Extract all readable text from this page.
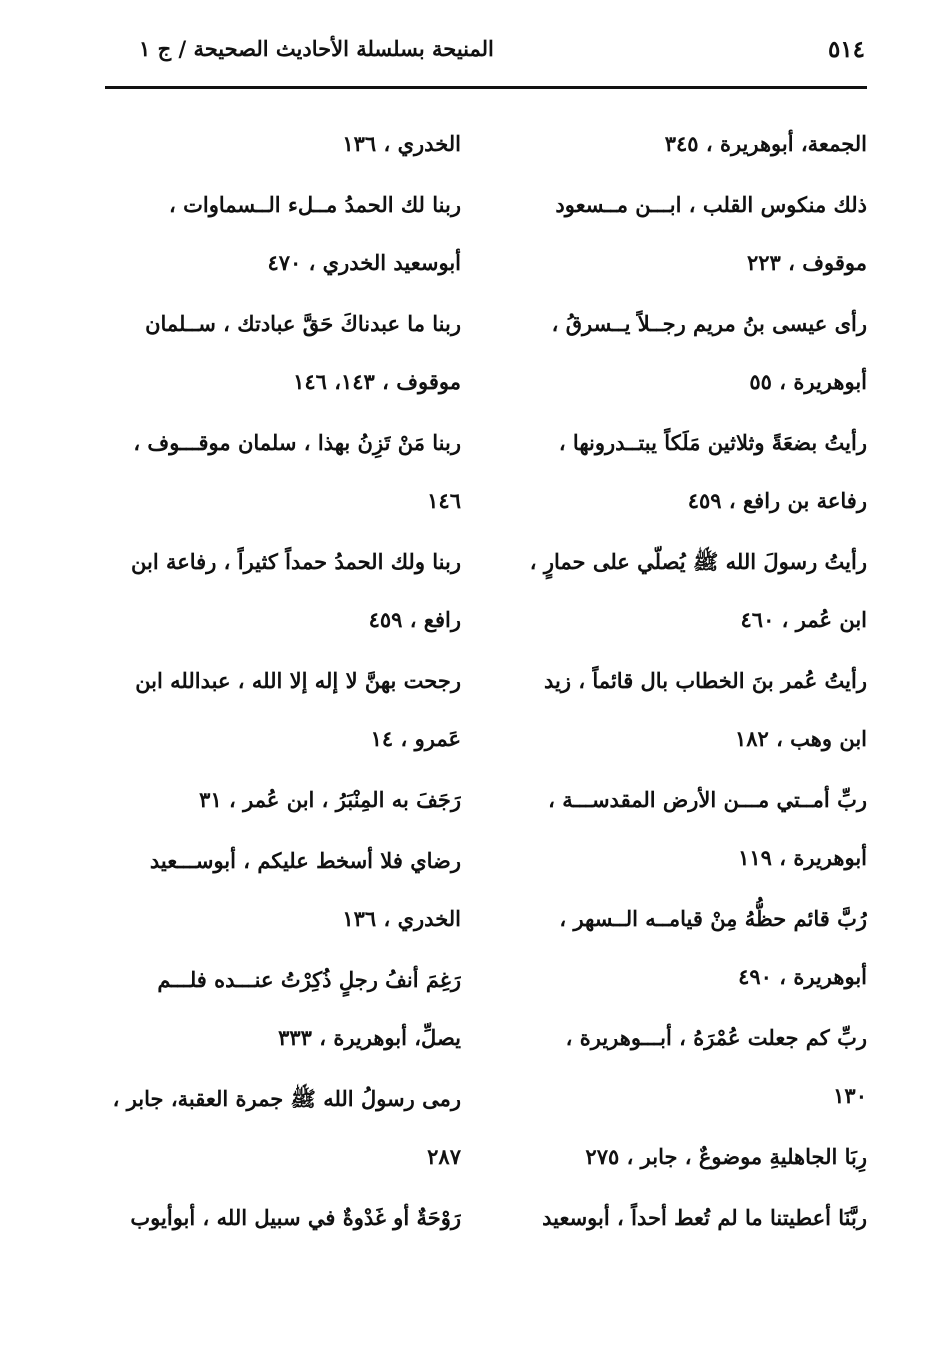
٥١٤
المنيحة بسلسلة الأحاديث الصحيحة / ج ١
الجمعة، أبوهريرة ، ٣٤٥
ذلك منكوس القلب ، ابـــن مــسعود
موقوف ، ٢٢٣
رأى عيسى بنُ مريم رجــلاً يــسرقُ ،
أبوهريرة ، ٥٥
رأيتُ بضعَةً وثلاثين مَلَكاً يبتــدرونها ،
رفاعة بن رافع ، ٤٥٩
رأيتُ رسولَ الله ﷺ يُصلّي على حمارٍ ،
ابن عُمر ، ٤٦٠
رأيتُ عُمر بنَ الخطاب بال قائماً ، زيد
ابن وهب ، ١٨٢
ربِّ أمــتي مـــن الأرض المقدســـة ،
أبوهريرة ، ١١٩
رُبَّ قائم حظُّهُ مِنْ قيامــه الــسهر ،
أبوهريرة ، ٤٩٠
ربِّ كم جعلت عُمْرَهُ ، أبـــوهريرة ،
١٣٠
رِبَا الجاهليةِ موضوعٌ ، جابر ، ٢٧٥
ربَّنَا أعطيتنا ما لم تُعط أحداً ، أبوسعيد
الخدري ، ١٣٦
ربنا لك الحمدُ مــلء الــسماوات ،
أبوسعيد الخدري ، ٤٧٠
ربنا ما عبدناكَ حَقَّ عبادتك ، ســلمان
موقوف ، ١٤٣، ١٤٦
ربنا مَنْ تَزِنُ بهذا ، سلمان موقـــوف ،
١٤٦
ربنا ولك الحمدُ حمداً كثيراً ، رفاعة ابن
رافع ، ٤٥٩
رجحت بهنَّ لا إله إلا الله ، عبدالله ابن
عَمرو ، ١٤
رَجَفَ به المِنْبَرُ ، ابن عُمر ، ٣١
رضاي فلا أسخط عليكم ، أبوســـعيد
الخدري ، ١٣٦
رَغِمَ أنفُ رجلٍ ذُكِرْتُ عنـــده فلـــم
يصلِّ، أبوهريرة ، ٣٣٣
رمى رسولُ الله ﷺ جمرة العقبة، جابر ،
٢٨٧
رَوْحَةٌ أو غَدْوةٌ في سبيل الله ، أبوأيوب
